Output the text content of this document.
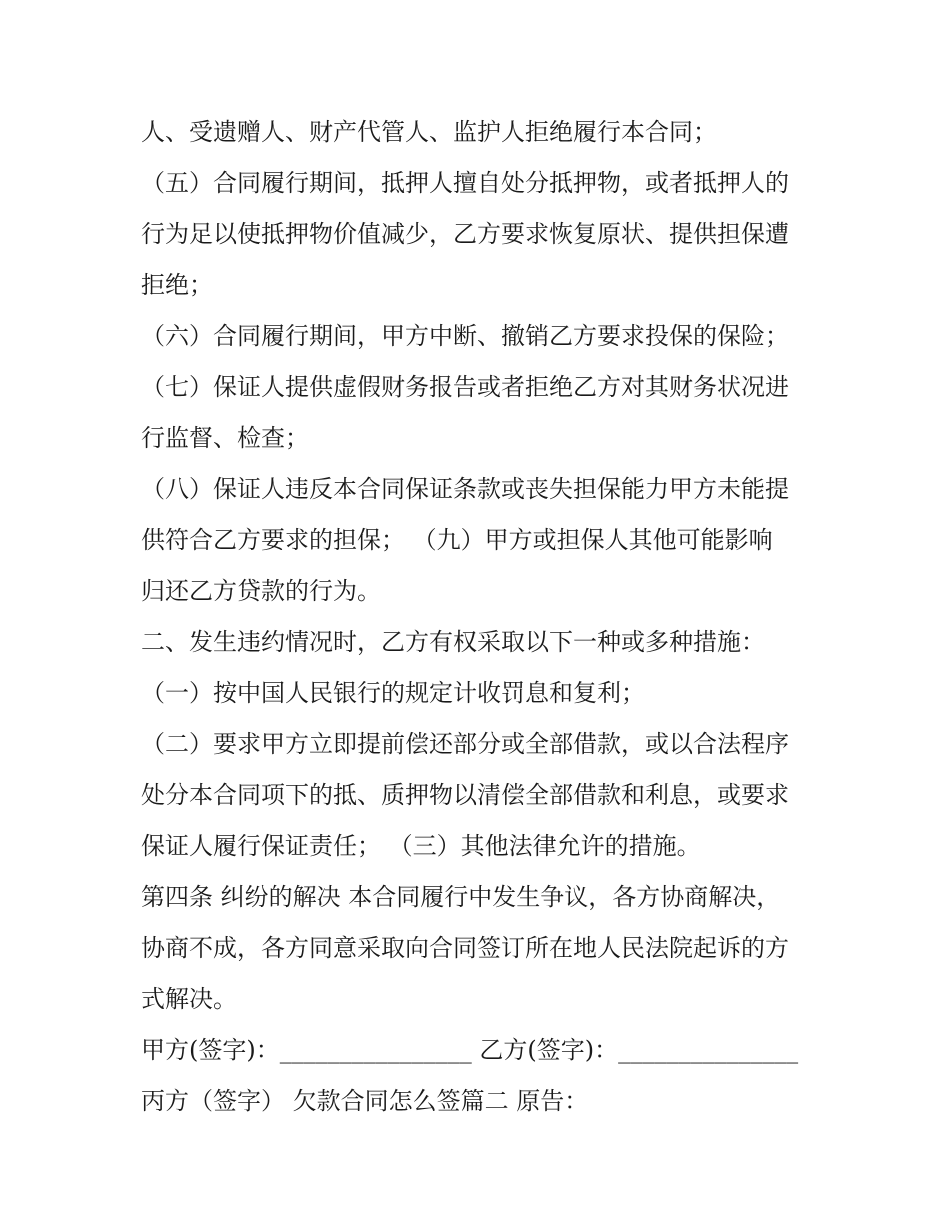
人、受遗赠人、财产代管人、监护人拒绝履行本合同；
（五）合同履行期间，抵押人擅自处分抵押物，或者抵押人的
行为足以使抵押物价值减少，乙方要求恢复原状、提供担保遭
拒绝；
（六）合同履行期间，甲方中断、撤销乙方要求投保的保险；
（七）保证人提供虚假财务报告或者拒绝乙方对其财务状况进
行监督、检查；
（八）保证人违反本合同保证条款或丧失担保能力甲方未能提
供符合乙方要求的担保； （九）甲方或担保人其他可能影响
归还乙方贷款的行为。
二、发生违约情况时，乙方有权采取以下一种或多种措施：
（一）按中国人民银行的规定计收罚息和复利；
（二）要求甲方立即提前偿还部分或全部借款，或以合法程序
处分本合同项下的抵、质押物以清偿全部借款和利息，或要求
保证人履行保证责任； （三）其他法律允许的措施。
第四条 纠纷的解决 本合同履行中发生争议，各方协商解决，
协商不成，各方同意采取向合同签订所在地人民法院起诉的方
式解决。
甲方(签字)：________________ 乙方(签字)：_______________
丙方（签字） 欠款合同怎么签篇二 原告：
